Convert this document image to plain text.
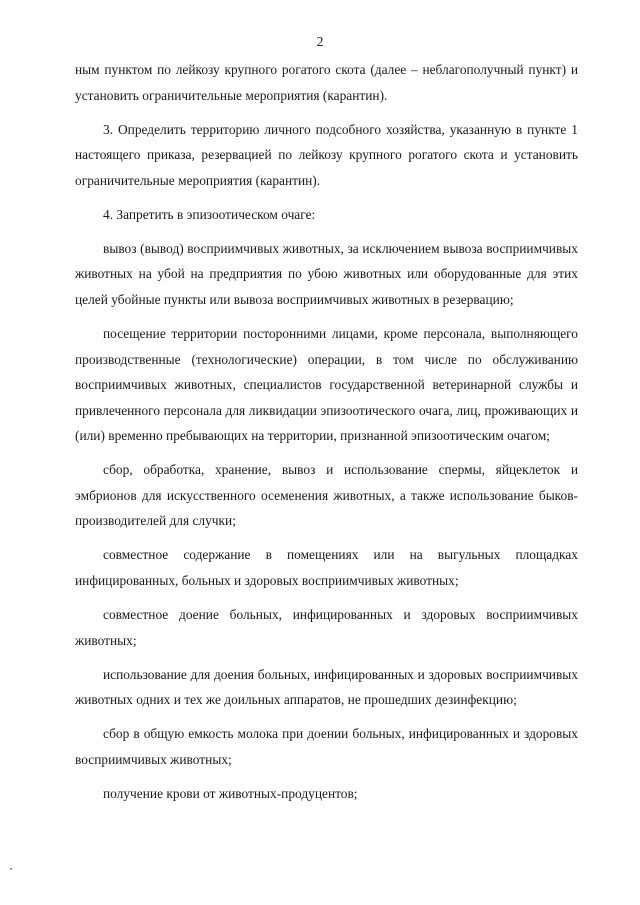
2

ным пунктом по лейкозу крупного рогатого скота (далее – неблагополучный пункт) и установить ограничительные мероприятия (карантин).

3. Определить территорию личного подсобного хозяйства, указанную в пункте 1 настоящего приказа, резервацией по лейкозу крупного рогатого скота и установить ограничительные мероприятия (карантин).

4. Запретить в эпизоотическом очаге:

вывоз (вывод) восприимчивых животных, за исключением вывоза восприимчивых животных на убой на предприятия по убою животных или оборудованные для этих целей убойные пункты или вывоза восприимчивых животных в резервацию;

посещение территории посторонними лицами, кроме персонала, выполняющего производственные (технологические) операции, в том числе по обслуживанию восприимчивых животных, специалистов государственной ветеринарной службы и привлеченного персонала для ликвидации эпизоотического очага, лиц, проживающих и (или) временно пребывающих на территории, признанной эпизоотическим очагом;

сбор, обработка, хранение, вывоз и использование спермы, яйцеклеток и эмбрионов для искусственного осеменения животных, а также использование быков-производителей для случки;

совместное содержание в помещениях или на выгульных площадках инфицированных, больных и здоровых восприимчивых животных;

совместное доение больных, инфицированных и здоровых восприимчивых животных;

использование для доения больных, инфицированных и здоровых восприимчивых животных одних и тех же доильных аппаратов, не прошедших дезинфекцию;

сбор в общую емкость молока при доении больных, инфицированных и здоровых восприимчивых животных;

получение крови от животных-продуцентов;
